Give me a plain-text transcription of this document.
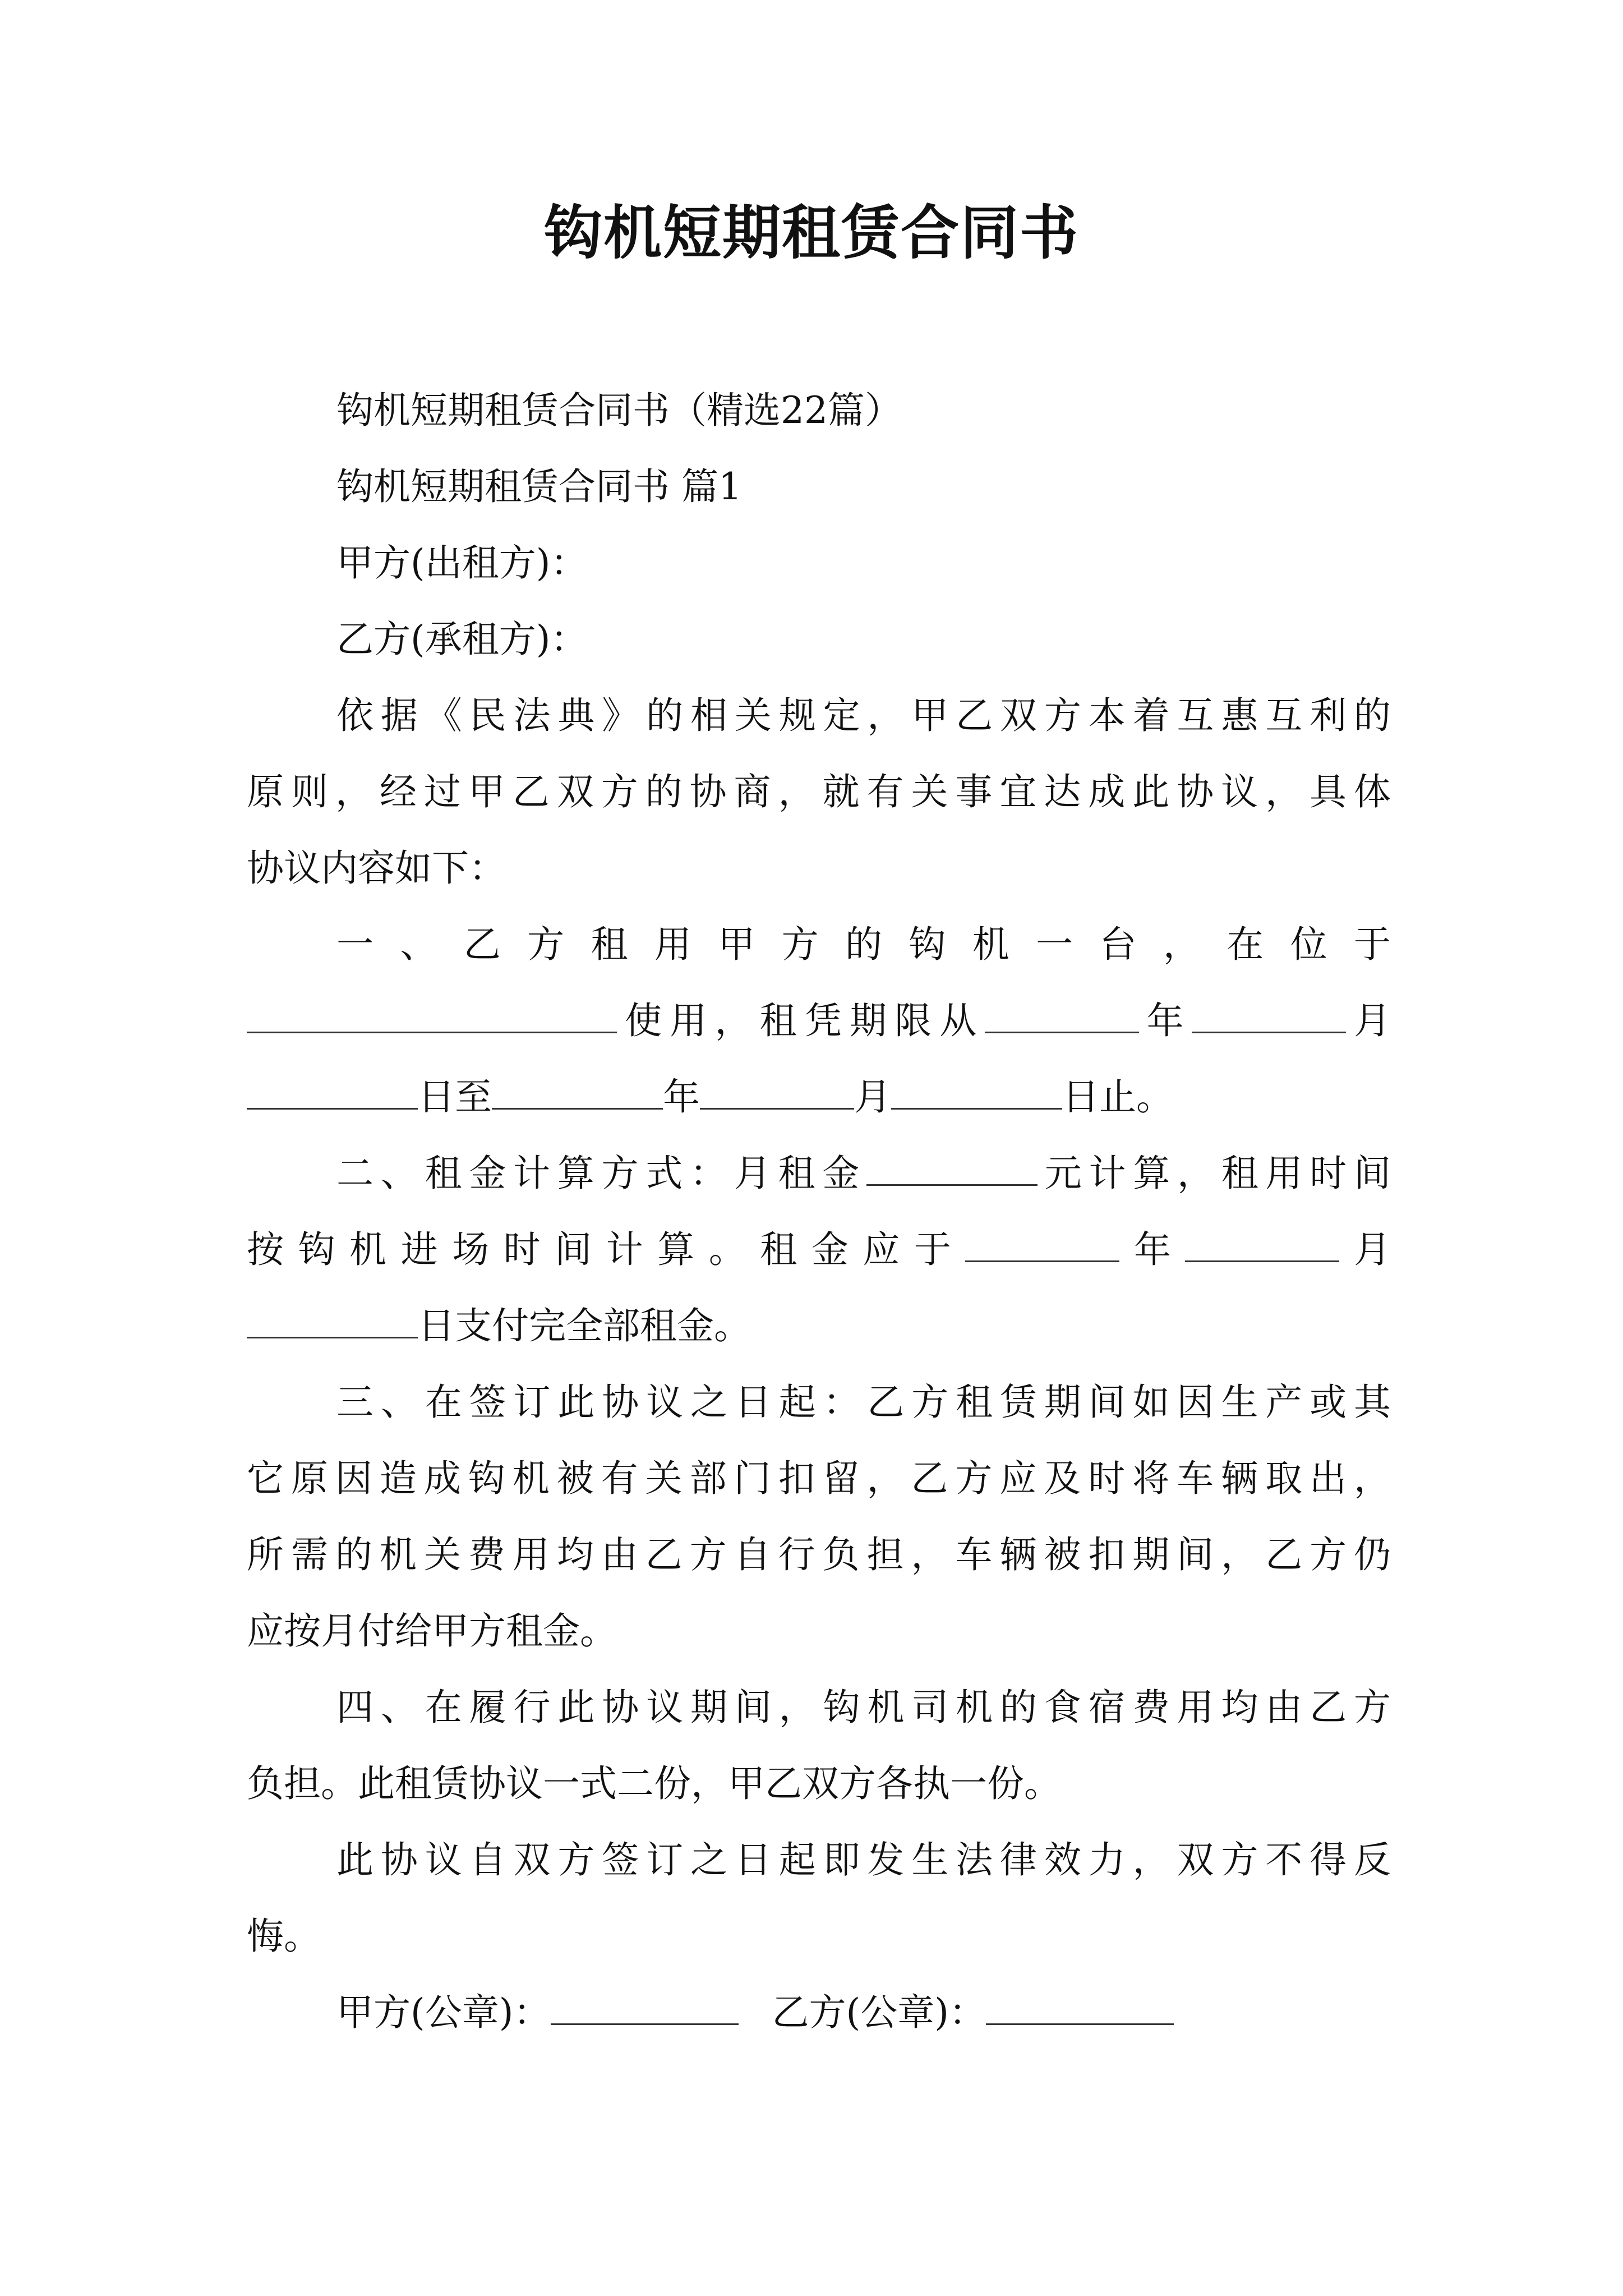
钩机短期租赁合同书
钩机短期租赁合同书（精选22篇）
钩机短期租赁合同书 篇1
甲方(出租方)：
乙方(承租方)：
依据《民法典》的相关规定，甲乙双方本着互惠互利的
原则，经过甲乙双方的协商，就有关事宜达成此协议，具体
协议内容如下：
一、乙方租用甲方的钩机一台，在位于
使用，租凭期限从	年	月
日至	年	月	日止。
二、租金计算方式：月租金	元计算，租用时间
按钩机进场时间计算。租金应于	年	月
日支付完全部租金。
三、在签订此协议之日起：乙方租赁期间如因生产或其
它原因造成钩机被有关部门扣留，乙方应及时将车辆取出，
所需的机关费用均由乙方自行负担，车辆被扣期间，乙方仍
应按月付给甲方租金。
四、在履行此协议期间，钩机司机的食宿费用均由乙方
负担。此租赁协议一式二份，甲乙双方各执一份。
此协议自双方签订之日起即发生法律效力，双方不得反
悔。
甲方(公章)：	乙方(公章)：
